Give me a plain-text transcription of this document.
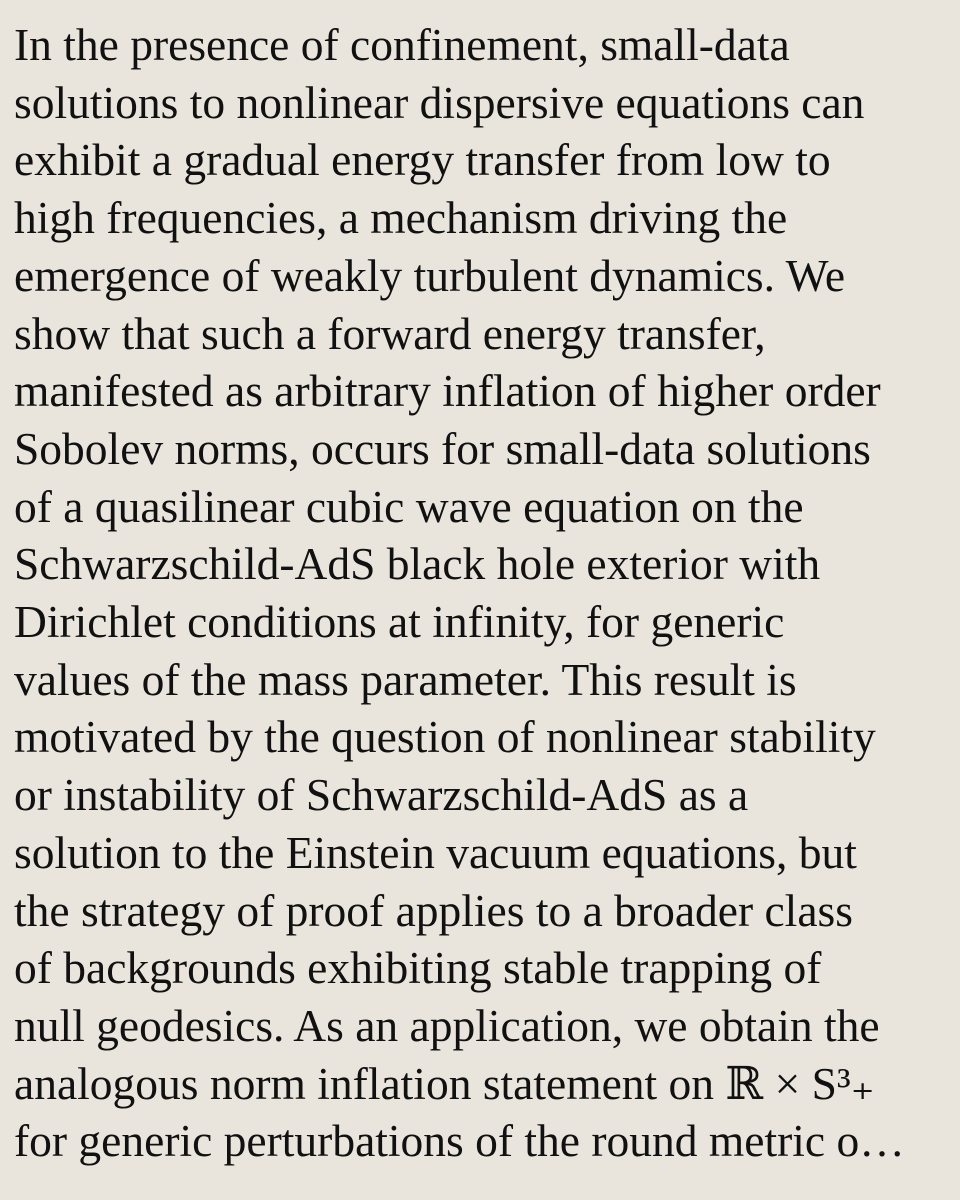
In the presence of confinement, small-data
solutions to nonlinear dispersive equations can
exhibit a gradual energy transfer from low to
high frequencies, a mechanism driving the
emergence of weakly turbulent dynamics. We
show that such a forward energy transfer,
manifested as arbitrary inflation of higher order
Sobolev norms, occurs for small-data solutions
of a quasilinear cubic wave equation on the
Schwarzschild-AdS black hole exterior with
Dirichlet conditions at infinity, for generic
values of the mass parameter. This result is
motivated by the question of nonlinear stability
or instability of Schwarzschild-AdS as a
solution to the Einstein vacuum equations, but
the strategy of proof applies to a broader class
of backgrounds exhibiting stable trapping of
null geodesics. As an application, we obtain the
analogous norm inflation statement on ℝ × S³₊
for generic perturbations of the round metric o…
